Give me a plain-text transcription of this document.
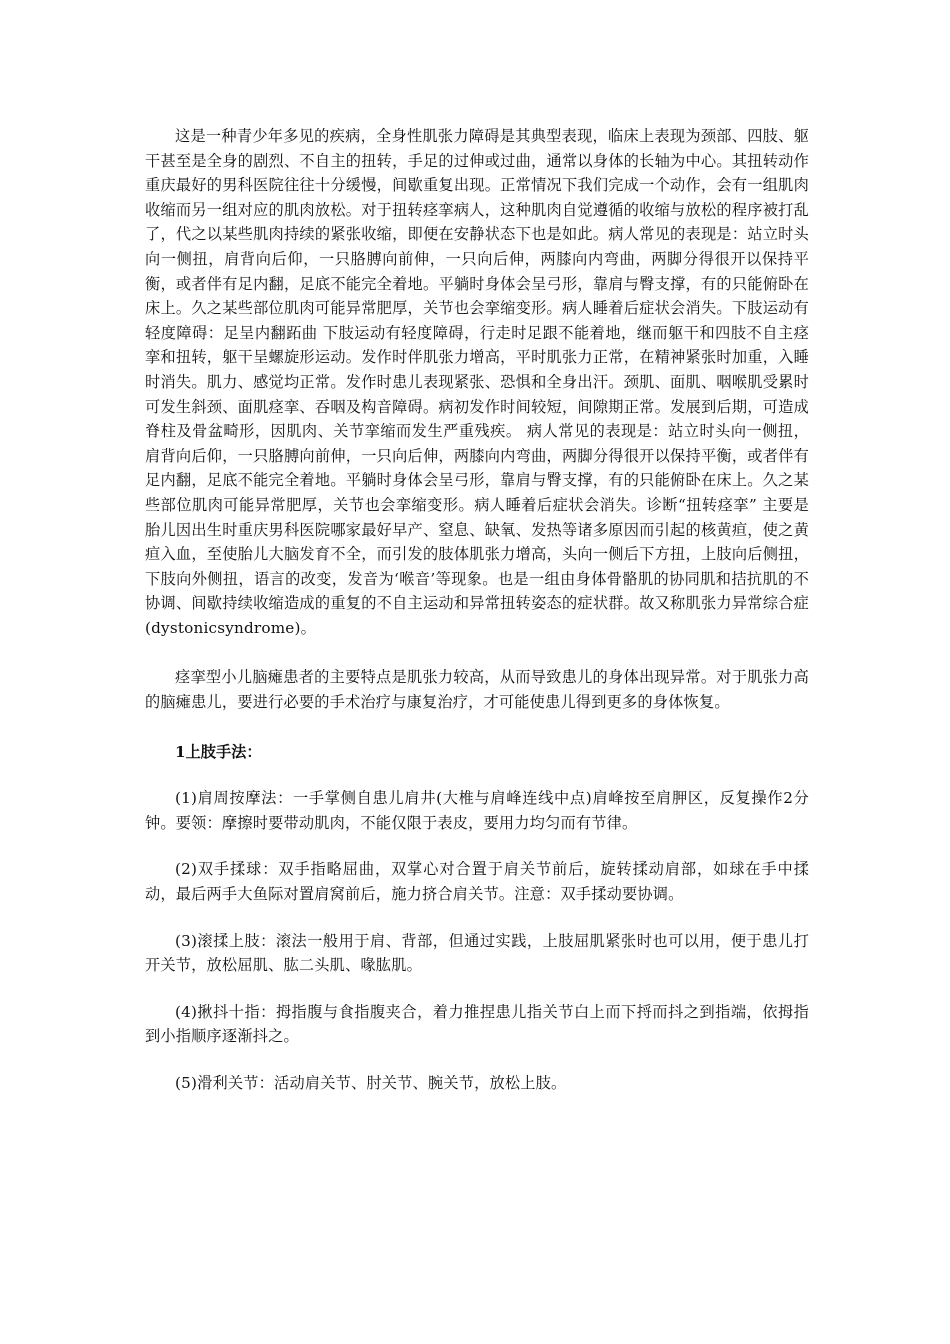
这是一种青少年多见的疾病，全身性肌张力障碍是其典型表现，临床上表现为颈部、四肢、躯干甚至是全身的剧烈、不自主的扭转，手足的过伸或过曲，通常以身体的长轴为中心。其扭转动作重庆最好的男科医院往往十分缓慢，间歇重复出现。正常情况下我们完成一个动作，会有一组肌肉收缩而另一组对应的肌肉放松。对于扭转痉挛病人，这种肌肉自觉遵循的收缩与放松的程序被打乱了，代之以某些肌肉持续的紧张收缩，即便在安静状态下也是如此。病人常见的表现是：站立时头向一侧扭，肩背向后仰，一只胳膊向前伸，一只向后伸，两膝向内弯曲，两脚分得很开以保持平衡，或者伴有足内翻，足底不能完全着地。平躺时身体会呈弓形，靠肩与臀支撑，有的只能俯卧在床上。久之某些部位肌肉可能异常肥厚，关节也会挛缩变形。病人睡着后症状会消失。下肢运动有轻度障碍：足呈内翻跖曲 下肢运动有轻度障碍，行走时足跟不能着地，继而躯干和四肢不自主痉挛和扭转，躯干呈螺旋形运动。发作时伴肌张力增高，平时肌张力正常，在精神紧张时加重，入睡时消失。肌力、感觉均正常。发作时患儿表现紧张、恐惧和全身出汗。颈肌、面肌、咽喉肌受累时可发生斜颈、面肌痉挛、吞咽及构音障碍。病初发作时间较短，间隙期正常。发展到后期，可造成脊柱及骨盆畸形，因肌肉、关节挛缩而发生严重残疾。 病人常见的表现是：站立时头向一侧扭，肩背向后仰，一只胳膊向前伸，一只向后伸，两膝向内弯曲，两脚分得很开以保持平衡，或者伴有足内翻，足底不能完全着地。平躺时身体会呈弓形，靠肩与臀支撑，有的只能俯卧在床上。久之某些部位肌肉可能异常肥厚，关节也会挛缩变形。病人睡着后症状会消失。诊断“扭转痉挛” 主要是胎儿因出生时重庆男科医院哪家最好早产、窒息、缺氧、发热等诸多原因而引起的核黄疸，使之黄疸入血，至使胎儿大脑发育不全，而引发的肢体肌张力增高，头向一侧后下方扭，上肢向后侧扭，下肢向外侧扭，语言的改变，发音为‘喉音’等现象。也是一组由身体骨骼肌的协同肌和拮抗肌的不协调、间歇持续收缩造成的重复的不自主运动和异常扭转姿态的症状群。故又称肌张力异常综合症(dystonicsyndrome)。

痉挛型小儿脑瘫患者的主要特点是肌张力较高，从而导致患儿的身体出现异常。对于肌张力高的脑瘫患儿，要进行必要的手术治疗与康复治疗，才可能使患儿得到更多的身体恢复。

1上肢手法：

(1)肩周按摩法：一手掌侧自患儿肩井(大椎与肩峰连线中点)肩峰按至肩胛区，反复操作2分钟。要领：摩擦时要带动肌肉，不能仅限于表皮，要用力均匀而有节律。

(2)双手揉球：双手指略屈曲，双掌心对合置于肩关节前后，旋转揉动肩部，如球在手中揉动，最后两手大鱼际对置肩窝前后，施力挤合肩关节。注意：双手揉动要协调。

(3)滚揉上肢：滚法一般用于肩、背部，但通过实践，上肢屈肌紧张时也可以用，便于患儿打开关节，放松屈肌、肱二头肌、喙肱肌。

(4)揪抖十指：拇指腹与食指腹夹合，着力推捏患儿指关节白上而下捋而抖之到指端，依拇指到小指顺序逐渐抖之。

(5)滑利关节：活动肩关节、肘关节、腕关节，放松上肢。
